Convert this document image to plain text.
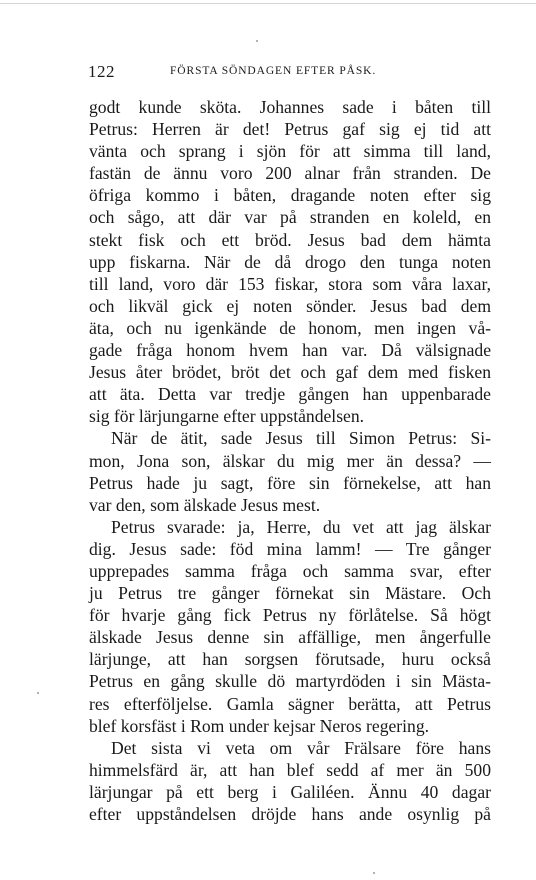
122	FÖRSTA SÖNDAGEN EFTER PÅSK.
godt kunde sköta. Johannes sade i båten till
Petrus: Herren är det! Petrus gaf sig ej tid att
vänta och sprang i sjön för att simma till land,
fastän de ännu voro 200 alnar från stranden. De
öfriga kommo i båten, dragande noten efter sig
och sågo, att där var på stranden en koleld, en
stekt fisk och ett bröd. Jesus bad dem hämta
upp fiskarna. När de då drogo den tunga noten
till land, voro där 153 fiskar, stora som våra laxar,
och likväl gick ej noten sönder. Jesus bad dem
äta, och nu igenkände de honom, men ingen vå-
gade fråga honom hvem han var. Då välsignade
Jesus åter brödet, bröt det och gaf dem med fisken
att äta. Detta var tredje gången han uppenbarade
sig för lärjungarne efter uppståndelsen.
När de ätit, sade Jesus till Simon Petrus: Si-
mon, Jona son, älskar du mig mer än dessa? —
Petrus hade ju sagt, före sin förnekelse, att han
var den, som älskade Jesus mest.
Petrus svarade: ja, Herre, du vet att jag älskar
dig. Jesus sade: föd mina lamm! — Tre gånger
upprepades samma fråga och samma svar, efter
ju Petrus tre gånger förnekat sin Mästare. Och
för hvarje gång fick Petrus ny förlåtelse. Så högt
älskade Jesus denne sin affällige, men ångerfulle
lärjunge, att han sorgsen förutsade, huru också
Petrus en gång skulle dö martyrdöden i sin Mästa-
res efterföljelse. Gamla sägner berätta, att Petrus
blef korsfäst i Rom under kejsar Neros regering.
Det sista vi veta om vår Frälsare före hans
himmelsfärd är, att han blef sedd af mer än 500
lärjungar på ett berg i Galiléen. Ännu 40 dagar
efter uppståndelsen dröjde hans ande osynlig på
